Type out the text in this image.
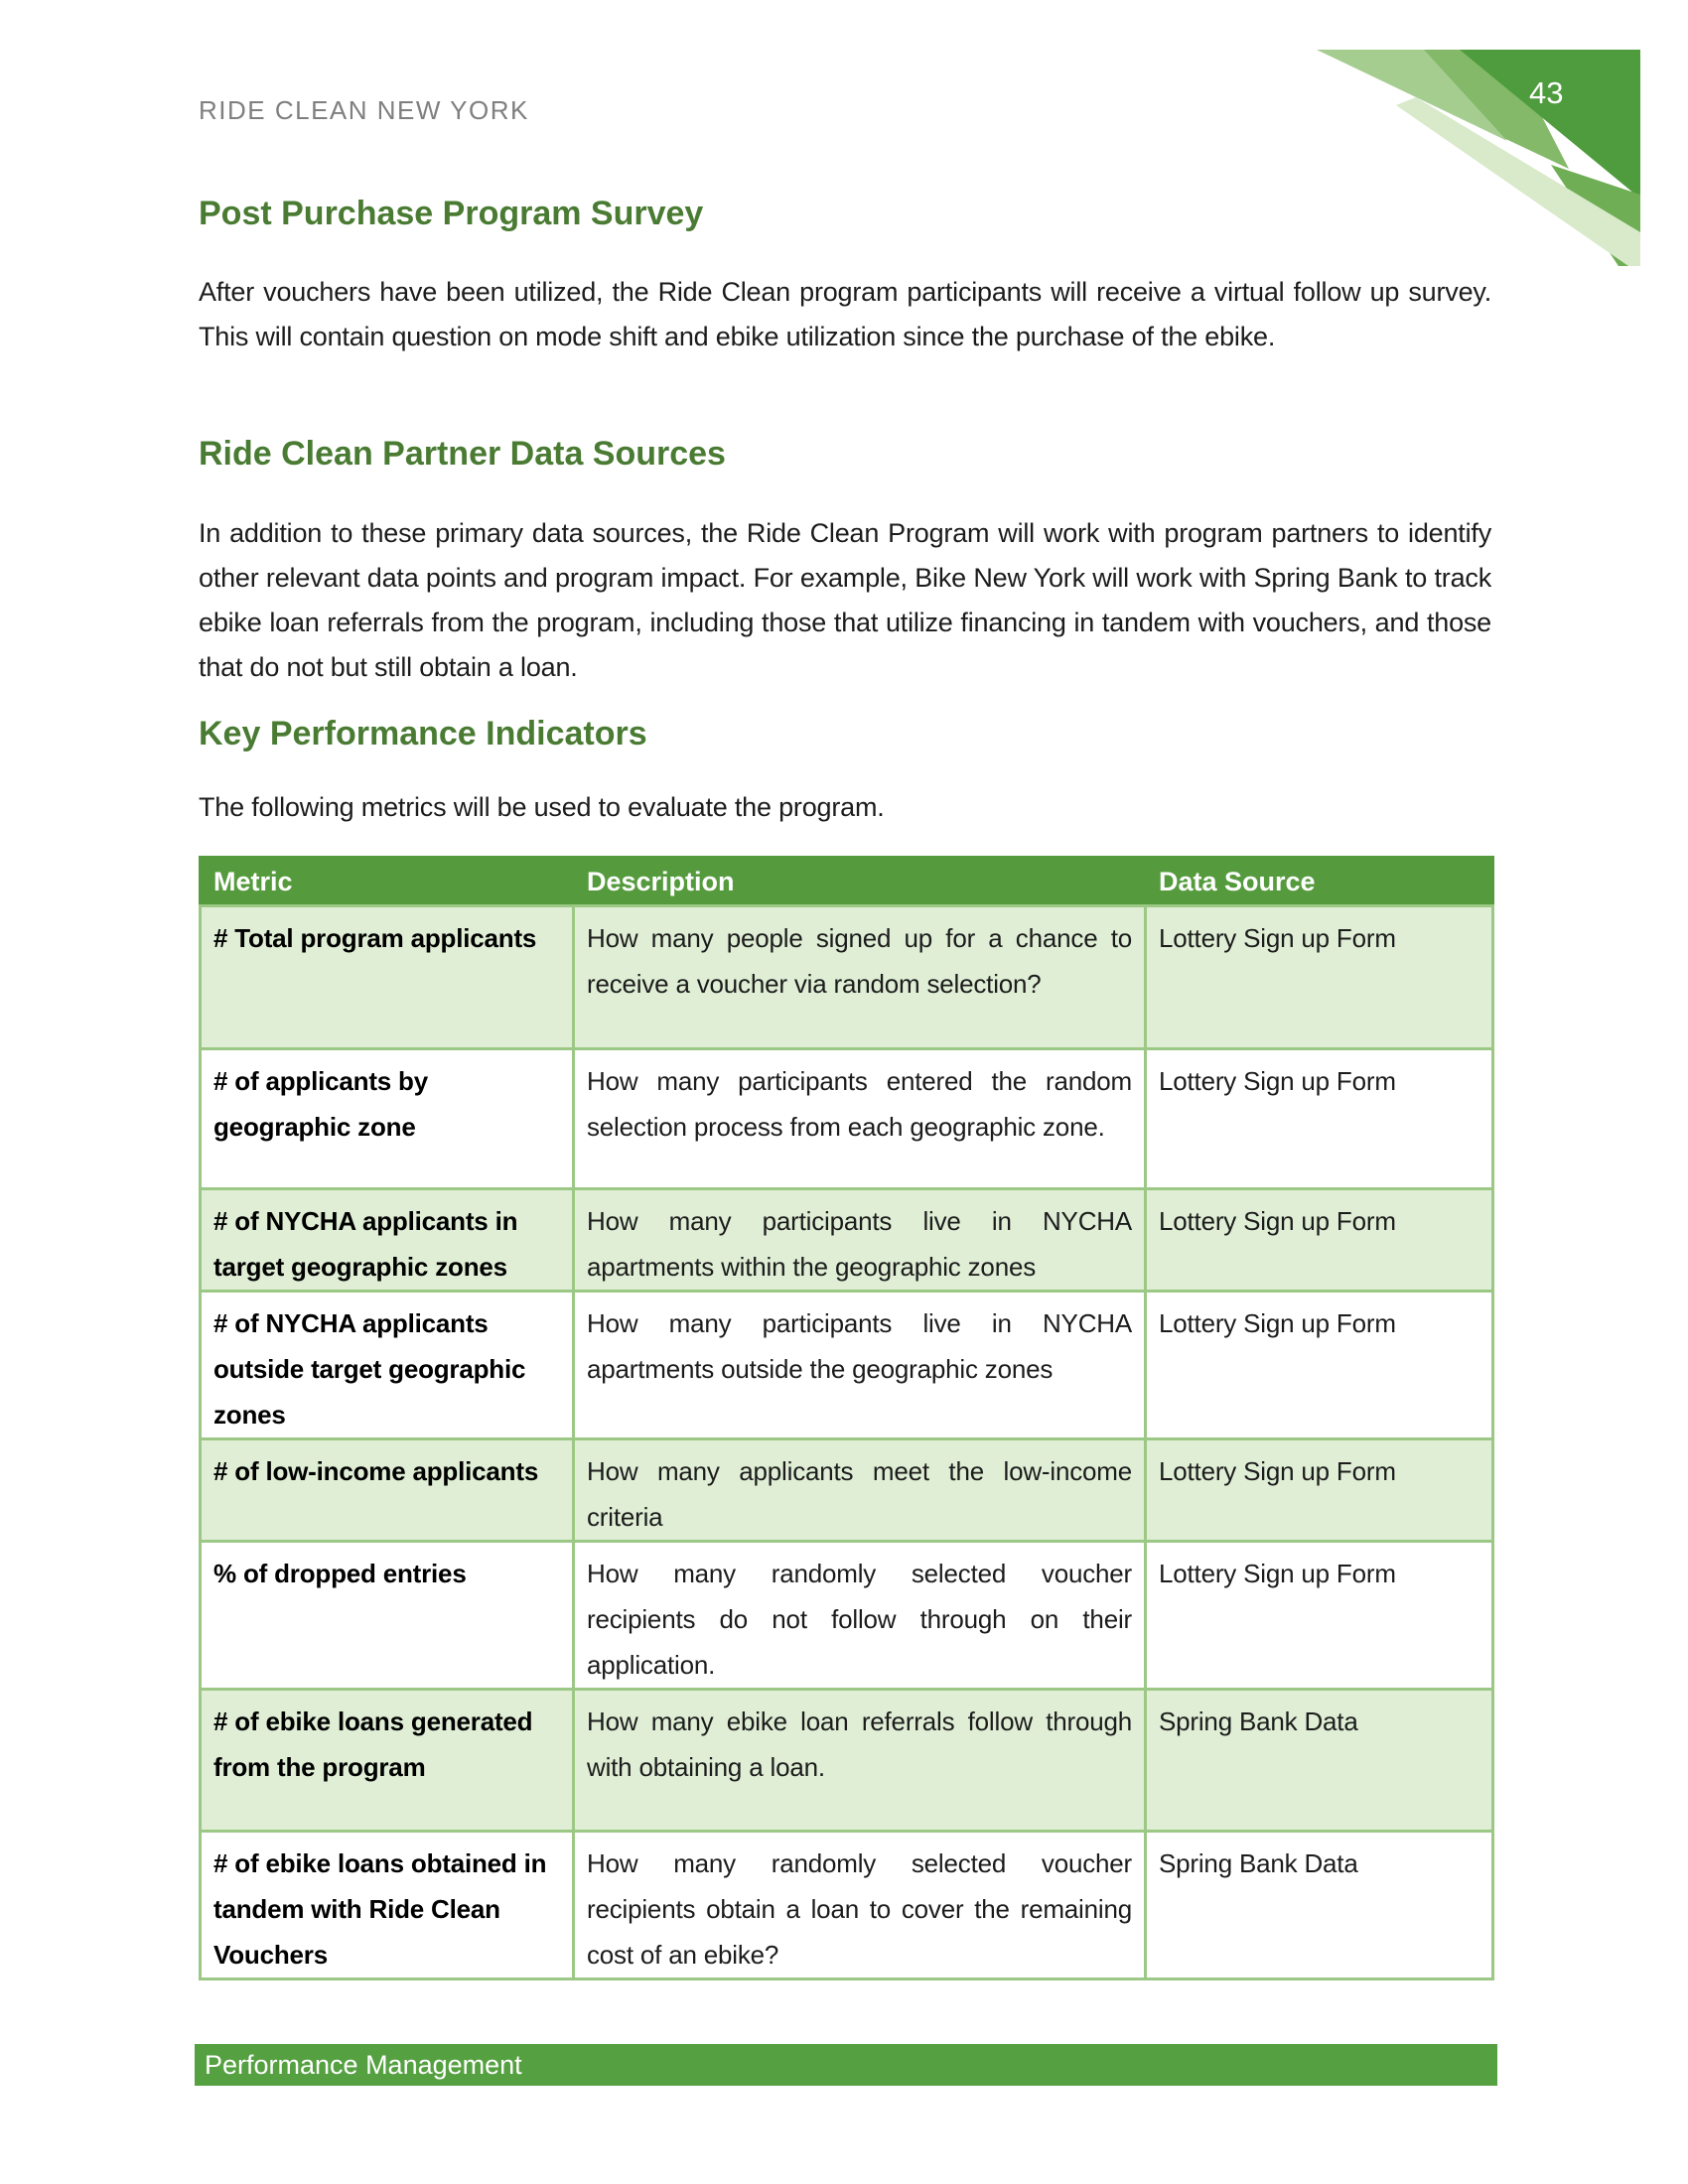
RIDE CLEAN NEW YORK	43
Post Purchase Program Survey

After vouchers have been utilized, the Ride Clean program participants will receive a virtual follow up survey. This will contain question on mode shift and ebike utilization since the purchase of the ebike.

Ride Clean Partner Data Sources

In addition to these primary data sources, the Ride Clean Program will work with program partners to identify other relevant data points and program impact. For example, Bike New York will work with Spring Bank to track ebike loan referrals from the program, including those that utilize financing in tandem with vouchers, and those that do not but still obtain a loan.

Key Performance Indicators

The following metrics will be used to evaluate the program.

Metric	Description	Data Source
# Total program applicants	How many people signed up for a chance to receive a voucher via random selection?	Lottery Sign up Form
# of applicants by geographic zone	How many participants entered the random selection process from each geographic zone.	Lottery Sign up Form
# of NYCHA applicants in target geographic zones	How many participants live in NYCHA apartments within the geographic zones	Lottery Sign up Form
# of NYCHA applicants outside target geographic zones	How many participants live in NYCHA apartments outside the geographic zones	Lottery Sign up Form
# of low-income applicants	How many applicants meet the low-income criteria	Lottery Sign up Form
% of dropped entries	How many randomly selected voucher recipients do not follow through on their application.	Lottery Sign up Form
# of ebike loans generated from the program	How many ebike loan referrals follow through with obtaining a loan.	Spring Bank Data
# of ebike loans obtained in tandem with Ride Clean Vouchers	How many randomly selected voucher recipients obtain a loan to cover the remaining cost of an ebike?	Spring Bank Data
Performance Management
